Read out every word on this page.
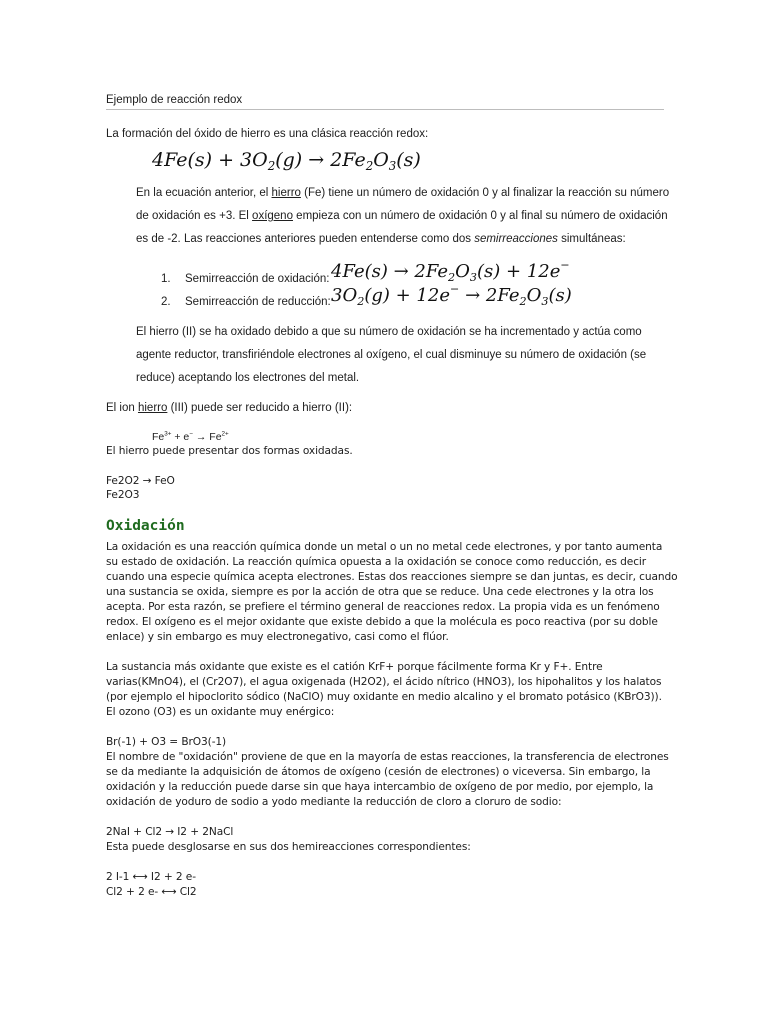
Ejemplo de reacción redox
La formación del óxido de hierro es una clásica reacción redox:
$4Fe(s) + 3O_2(g) \to 2Fe_2O_3(s)$
En la ecuación anterior, el hierro (Fe) tiene un número de oxidación 0 y al finalizar la reacción su número
de oxidación es +3. El oxígeno empieza con un número de oxidación 0 y al final su número de oxidación
es de -2. Las reacciones anteriores pueden entenderse como dos semirreacciones simultáneas:
1. Semirreacción de oxidación: $4Fe(s) \to 2Fe_2O_3(s) + 12e^-$
2. Semirreacción de reducción: $3O_2(g) + 12e^- \to 2Fe_2O_3(s)$
El hierro (II) se ha oxidado debido a que su número de oxidación se ha incrementado y actúa como
agente reductor, transfiriéndole electrones al oxígeno, el cual disminuye su número de oxidación (se
reduce) aceptando los electrones del metal.
El ion hierro (III) puede ser reducido a hierro (II):
$Fe^{3+} + e^- \to Fe^{2+}$
El hierro puede presentar dos formas oxidadas.
Fe2O2 → FeO
Fe2O3
Oxidación
La oxidación es una reacción química donde un metal o un no metal cede electrones, y por tanto aumenta
su estado de oxidación. La reacción química opuesta a la oxidación se conoce como reducción, es decir
cuando una especie química acepta electrones. Estas dos reacciones siempre se dan juntas, es decir, cuando
una sustancia se oxida, siempre es por la acción de otra que se reduce. Una cede electrones y la otra los
acepta. Por esta razón, se prefiere el término general de reacciones redox. La propia vida es un fenómeno
redox. El oxígeno es el mejor oxidante que existe debido a que la molécula es poco reactiva (por su doble
enlace) y sin embargo es muy electronegativo, casi como el flúor.
La sustancia más oxidante que existe es el catión KrF+ porque fácilmente forma Kr y F+. Entre
varias(KMnO4), el (Cr2O7), el agua oxigenada (H2O2), el ácido nítrico (HNO3), los hipohalitos y los halatos
(por ejemplo el hipoclorito sódico (NaClO) muy oxidante en medio alcalino y el bromato potásico (KBrO3)).
El ozono (O3) es un oxidante muy enérgico:
Br(-1) + O3 = BrO3(-1)
El nombre de "oxidación" proviene de que en la mayoría de estas reacciones, la transferencia de electrones
se da mediante la adquisición de átomos de oxígeno (cesión de electrones) o viceversa. Sin embargo, la
oxidación y la reducción puede darse sin que haya intercambio de oxígeno de por medio, por ejemplo, la
oxidación de yoduro de sodio a yodo mediante la reducción de cloro a cloruro de sodio:
2NaI + Cl2 → I2 + 2NaCl
Esta puede desglosarse en sus dos hemireacciones correspondientes:
2 I-1 ⟷ I2 + 2 e-
Cl2 + 2 e- ⟷ Cl2
